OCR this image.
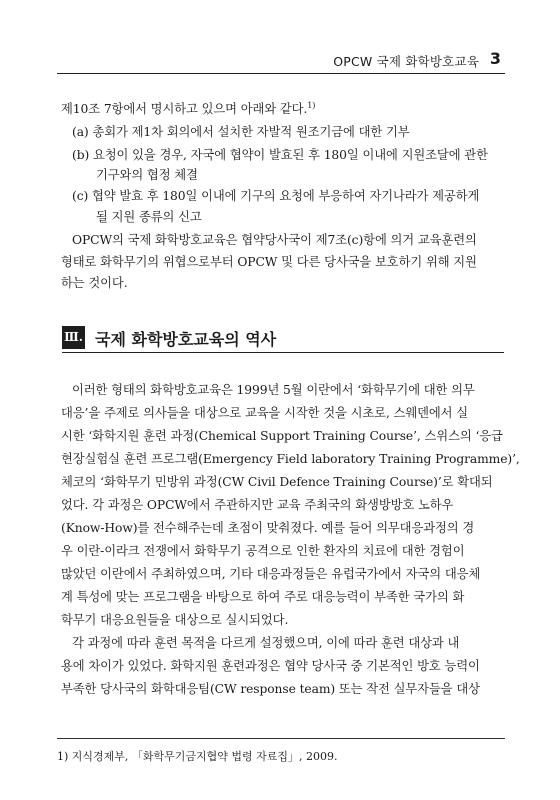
OPCW 국제 화학방호교육 3
제10조 7항에서 명시하고 있으며 아래와 같다.$^{1)}$
(a) 총회가 제1차 회의에서 설치한 자발적 원조기금에 대한 기부
(b) 요청이 있을 경우, 자국에 협약이 발효된 후 180일 이내에 지원조달에 관한
기구와의 협정 체결
(c) 협약 발효 후 180일 이내에 기구의 요청에 부응하여 자기나라가 제공하게
될 지원 종류의 신고
OPCW의 국제 화학방호교육은 협약당사국이 제7조(c)항에 의거 교육훈련의
형태로 화학무기의 위협으로부터 OPCW 및 다른 당사국을 보호하기 위해 지원
하는 것이다.
Ⅲ. 국제 화학방호교육의 역사
이러한 형태의 화학방호교육은 1999년 5월 이란에서 ‘화학무기에 대한 의무
대응’을 주제로 의사들을 대상으로 교육을 시작한 것을 시초로, 스웨덴에서 실
시한 ‘화학지원 훈련 과정(Chemical Support Training Course’, 스위스의 ‘응급
현장실험실 훈련 프로그램(Emergency Field laboratory Training Programme)’,
체코의 ‘화학무기 민방위 과정(CW Civil Defence Training Course)’로 확대되
었다. 각 과정은 OPCW에서 주관하지만 교육 주최국의 화생방방호 노하우
(Know-How)를 전수해주는데 초점이 맞춰졌다. 예를 들어 의무대응과정의 경
우 이란-이라크 전쟁에서 화학무기 공격으로 인한 환자의 치료에 대한 경험이
많았던 이란에서 주최하였으며, 기타 대응과정들은 유럽국가에서 자국의 대응체
계 특성에 맞는 프로그램을 바탕으로 하여 주로 대응능력이 부족한 국가의 화
학무기 대응요원들을 대상으로 실시되었다.
각 과정에 따라 훈련 목적을 다르게 설정했으며, 이에 따라 훈련 대상과 내
용에 차이가 있었다. 화학지원 훈련과정은 협약 당사국 중 기본적인 방호 능력이
부족한 당사국의 화학대응팀(CW response team) 또는 작전 실무자들을 대상
1) 지식경제부, 「화학무기금지협약 법령 자료집」, 2009.
